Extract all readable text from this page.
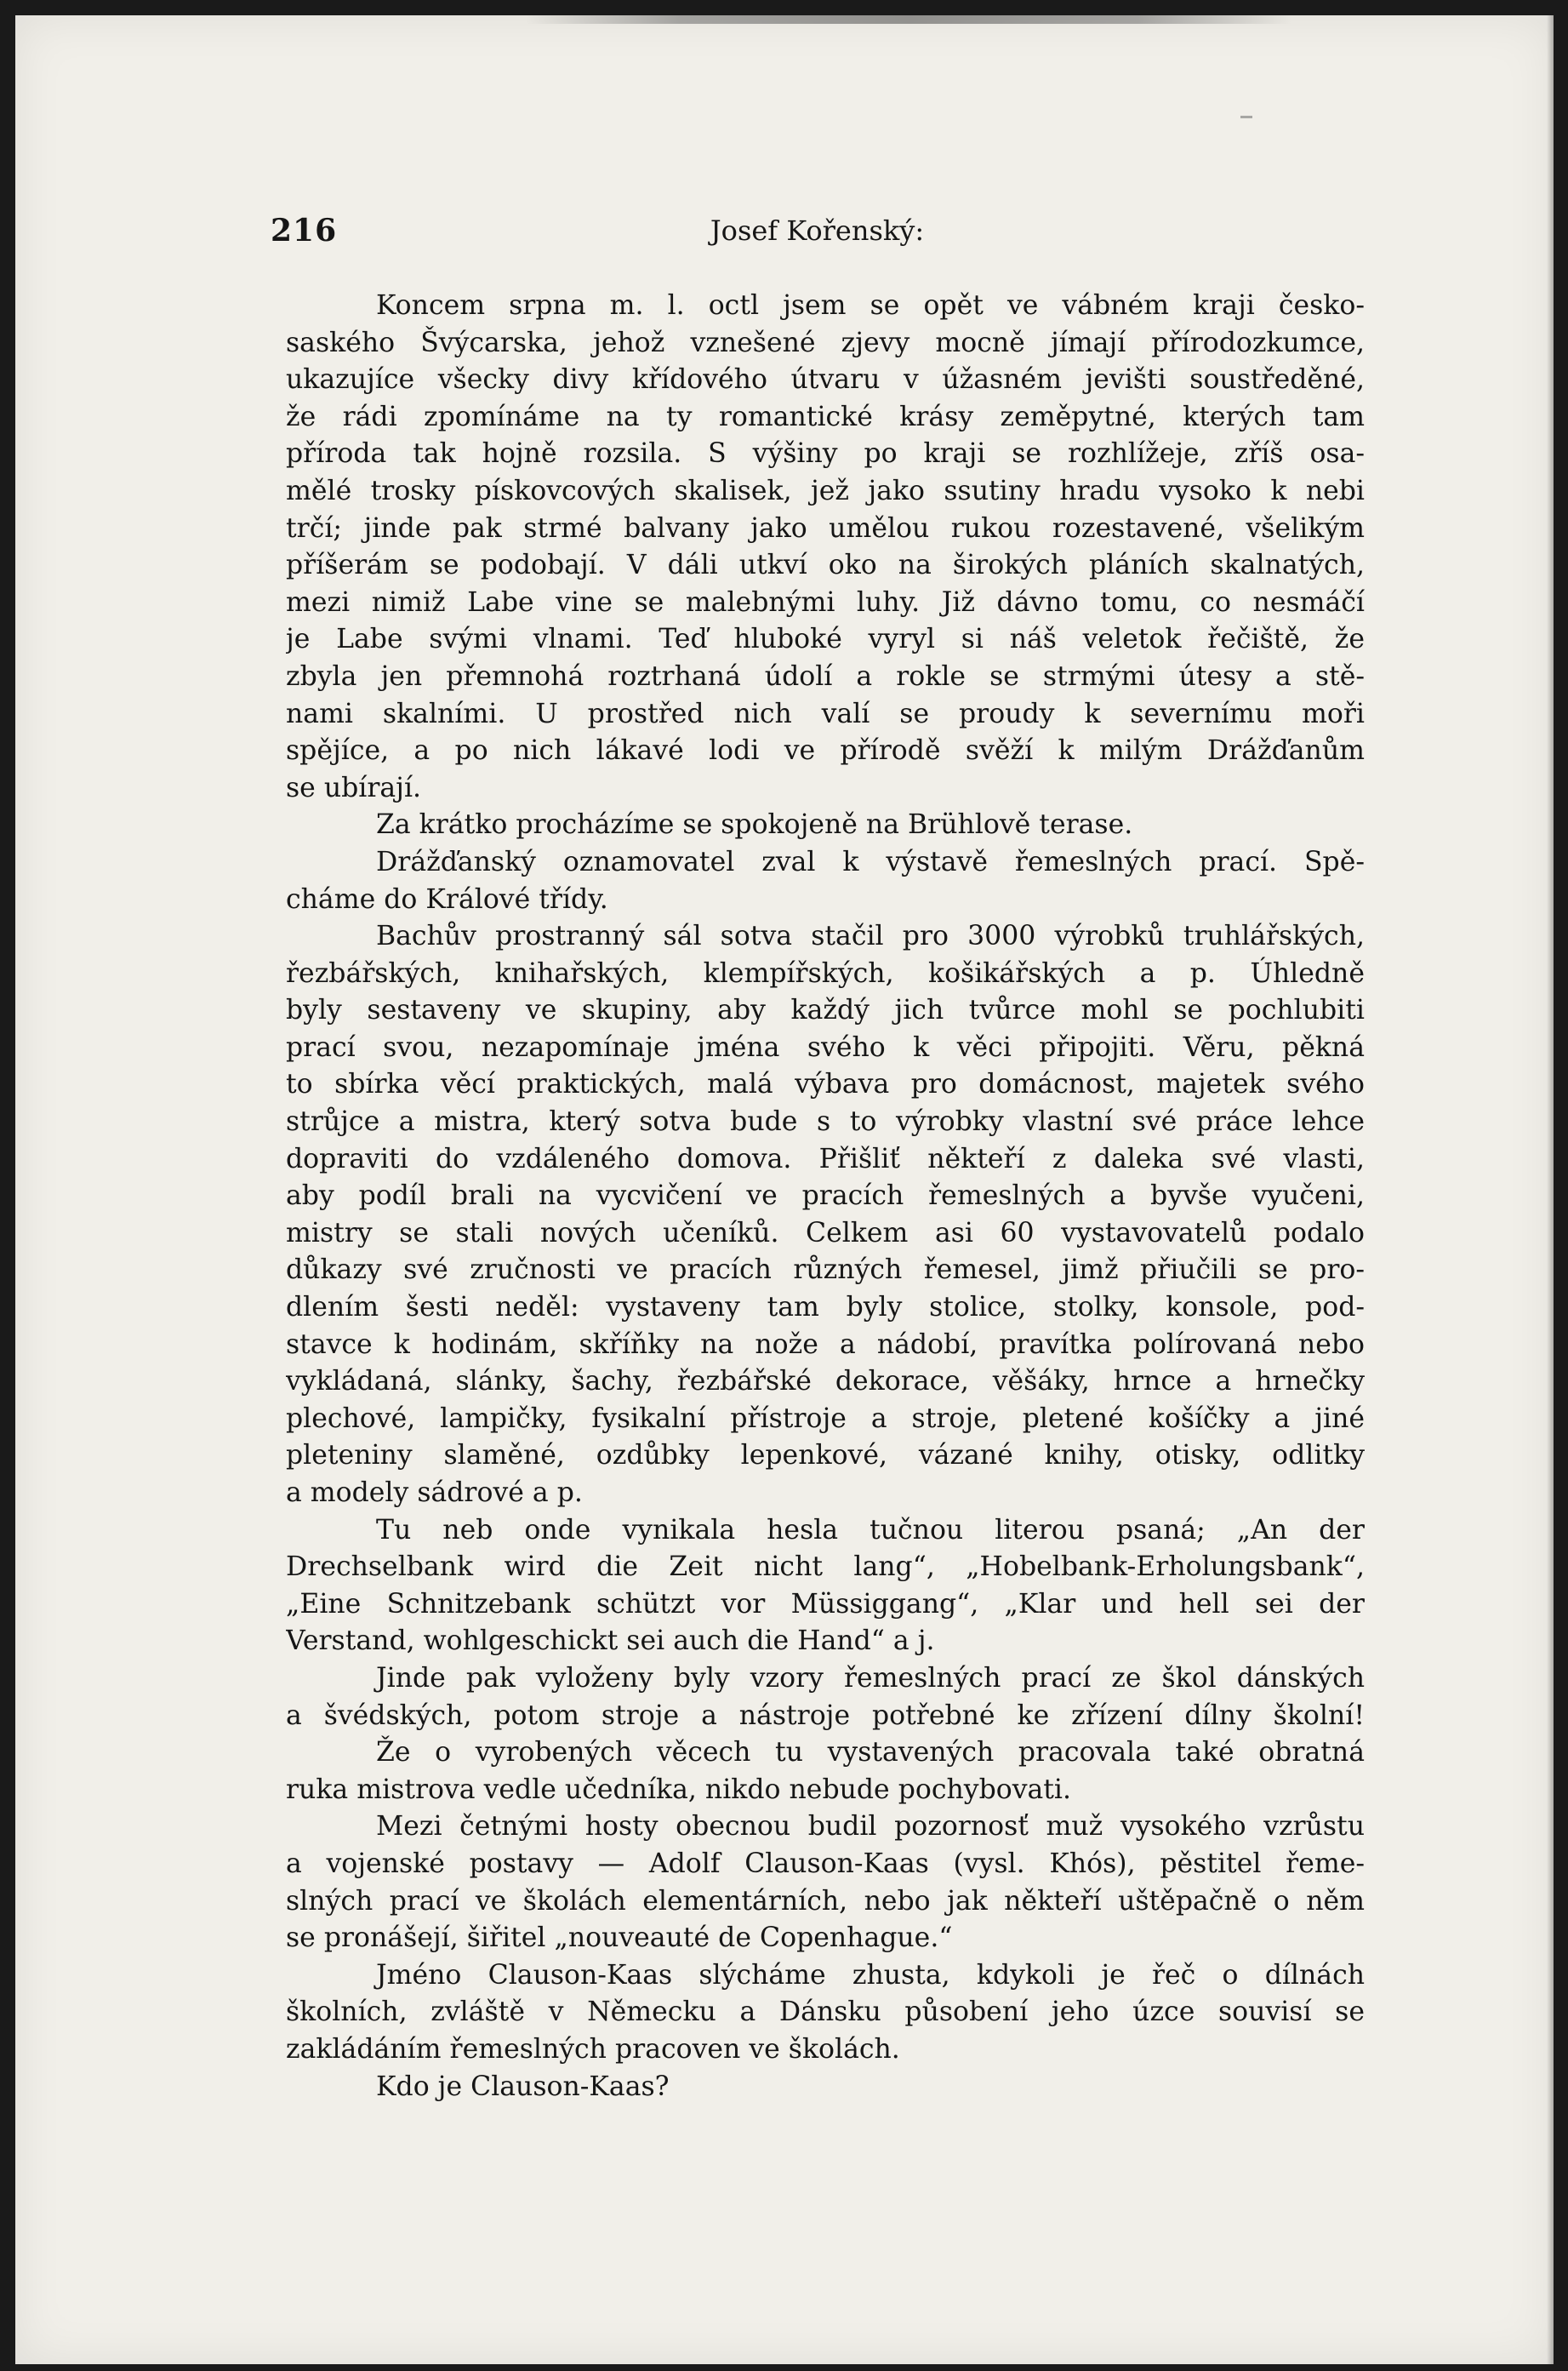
216	Josef Kořenský:
Koncem srpna m. l. octl jsem se opět ve vábném kraji česko-
saského Švýcarska, jehož vznešené zjevy mocně jímají přírodozkumce,
ukazujíce všecky divy křídového útvaru v úžasném jevišti soustředěné,
že rádi zpomínáme na ty romantické krásy zeměpytné, kterých tam
příroda tak hojně rozsila. S výšiny po kraji se rozhlížeje, zříš osa-
mělé trosky pískovcových skalisek, jež jako ssutiny hradu vysoko k nebi
trčí; jinde pak strmé balvany jako umělou rukou rozestavené, všelikým
příšerám se podobají. V dáli utkví oko na širokých pláních skalnatých,
mezi nimiž Labe vine se malebnými luhy. Již dávno tomu, co nesmáčí
je Labe svými vlnami. Teď hluboké vyryl si náš veletok řečiště, že
zbyla jen přemnohá roztrhaná údolí a rokle se strmými útesy a stě-
nami skalními. U prostřed nich valí se proudy k severnímu moři
spějíce, a po nich lákavé lodi ve přírodě svěží k milým Drážďanům
se ubírají.
Za krátko procházíme se spokojeně na Brühlově terase.
Drážďanský oznamovatel zval k výstavě řemeslných prací. Spě-
cháme do Králové třídy.
Bachův prostranný sál sotva stačil pro 3000 výrobků truhlářských,
řezbářských, knihařských, klempířských, košikářských a p. Úhledně
byly sestaveny ve skupiny, aby každý jich tvůrce mohl se pochlubiti
prací svou, nezapomínaje jména svého k věci připojiti. Věru, pěkná
to sbírka věcí praktických, malá výbava pro domácnost, majetek svého
strůjce a mistra, který sotva bude s to výrobky vlastní své práce lehce
dopraviti do vzdáleného domova. Přišliť někteří z daleka své vlasti,
aby podíl brali na vycvičení ve pracích řemeslných a byvše vyučeni,
mistry se stali nových učeníků. Celkem asi 60 vystavovatelů podalo
důkazy své zručnosti ve pracích různých řemesel, jimž přiučili se pro-
dlením šesti neděl: vystaveny tam byly stolice, stolky, konsole, pod-
stavce k hodinám, skříňky na nože a nádobí, pravítka polírovaná nebo
vykládaná, slánky, šachy, řezbářské dekorace, věšáky, hrnce a hrnečky
plechové, lampičky, fysikalní přístroje a stroje, pletené košíčky a jiné
pleteniny slaměné, ozdůbky lepenkové, vázané knihy, otisky, odlitky
a modely sádrové a p.
Tu neb onde vynikala hesla tučnou literou psaná; „An der
Drechselbank wird die Zeit nicht lang“, „Hobelbank-Erholungsbank“,
„Eine Schnitzebank schützt vor Müssiggang“, „Klar und hell sei der
Verstand, wohlgeschickt sei auch die Hand“ a j.
Jinde pak vyloženy byly vzory řemeslných prací ze škol dánských
a švédských, potom stroje a nástroje potřebné ke zřízení dílny školní!
Že o vyrobených věcech tu vystavených pracovala také obratná
ruka mistrova vedle učedníka, nikdo nebude pochybovati.
Mezi četnými hosty obecnou budil pozornosť muž vysokého vzrůstu
a vojenské postavy — Adolf Clauson-Kaas (vysl. Khós), pěstitel řeme-
slných prací ve školách elementárních, nebo jak někteří uštěpačně o něm
se pronášejí, šiřitel „nouveauté de Copenhague.“
Jméno Clauson-Kaas slýcháme zhusta, kdykoli je řeč o dílnách
školních, zvláště v Německu a Dánsku působení jeho úzce souvisí se
zakládáním řemeslných pracoven ve školách.
Kdo je Clauson-Kaas?
